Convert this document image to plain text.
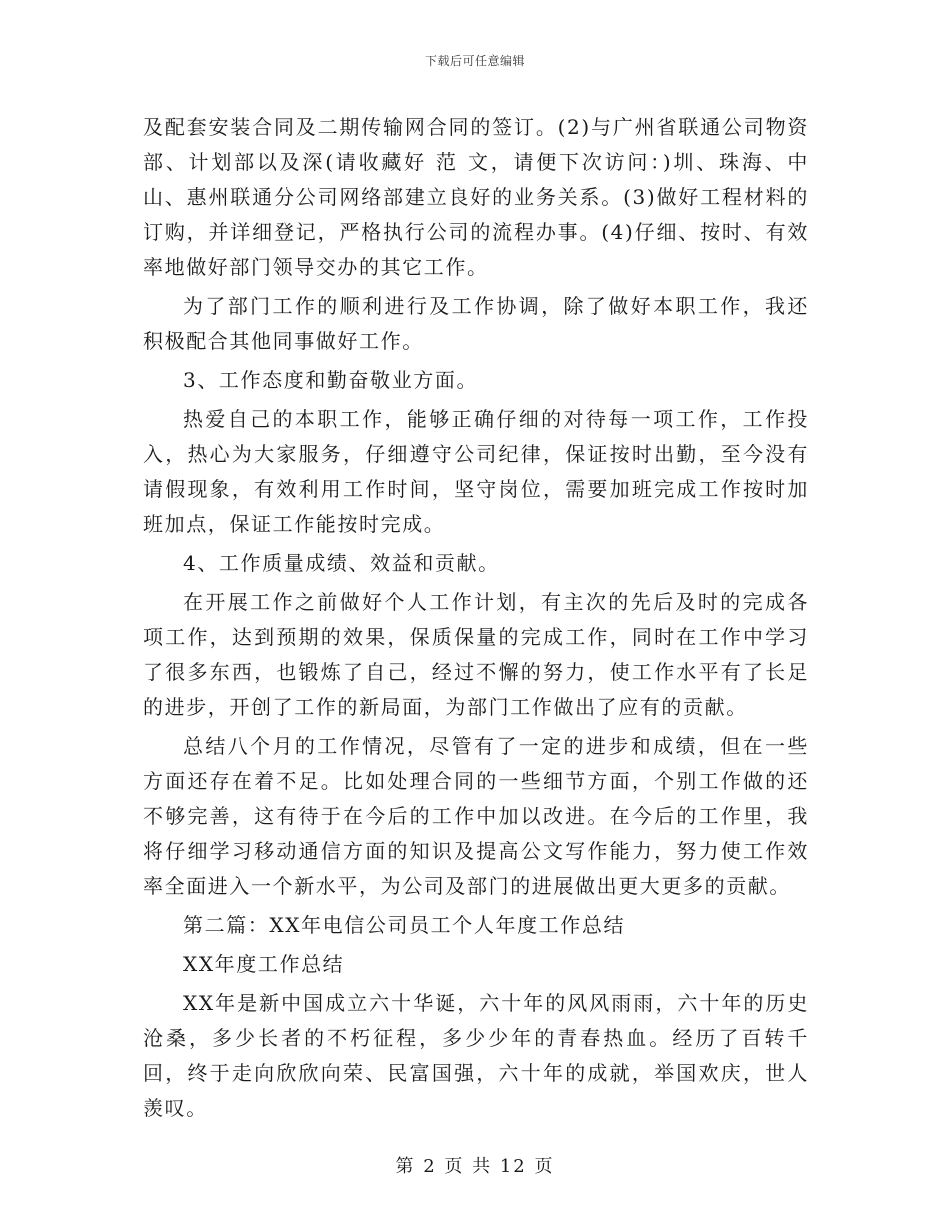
下载后可任意编辑

及配套安装合同及二期传输网合同的签订。(2)与广州省联通公司物资部、计划部以及深(请收藏好 范 文，请便下次访问：)圳、珠海、中山、惠州联通分公司网络部建立良好的业务关系。(3)做好工程材料的订购，并详细登记，严格执行公司的流程办事。(4)仔细、按时、有效率地做好部门领导交办的其它工作。

为了部门工作的顺利进行及工作协调，除了做好本职工作，我还积极配合其他同事做好工作。

3、工作态度和勤奋敬业方面。

热爱自己的本职工作，能够正确仔细的对待每一项工作，工作投入，热心为大家服务，仔细遵守公司纪律，保证按时出勤，至今没有请假现象，有效利用工作时间，坚守岗位，需要加班完成工作按时加班加点，保证工作能按时完成。

4、工作质量成绩、效益和贡献。

在开展工作之前做好个人工作计划，有主次的先后及时的完成各项工作，达到预期的效果，保质保量的完成工作，同时在工作中学习了很多东西，也锻炼了自己，经过不懈的努力，使工作水平有了长足的进步，开创了工作的新局面，为部门工作做出了应有的贡献。

总结八个月的工作情况，尽管有了一定的进步和成绩，但在一些方面还存在着不足。比如处理合同的一些细节方面，个别工作做的还不够完善，这有待于在今后的工作中加以改进。在今后的工作里，我将仔细学习移动通信方面的知识及提高公文写作能力，努力使工作效率全面进入一个新水平，为公司及部门的进展做出更大更多的贡献。

第二篇：XX年电信公司员工个人年度工作总结

XX年度工作总结

XX年是新中国成立六十华诞，六十年的风风雨雨，六十年的历史沧桑，多少长者的不朽征程，多少少年的青春热血。经历了百转千回，终于走向欣欣向荣、民富国强，六十年的成就，举国欢庆，世人羡叹。

第 2 页 共 12 页
